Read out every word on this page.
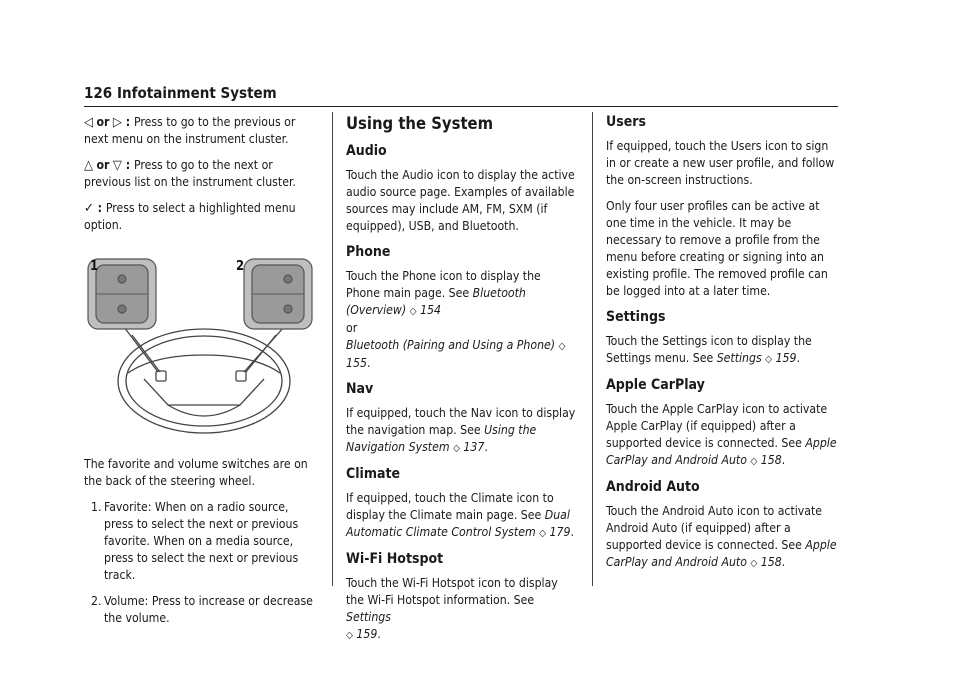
126 Infotainment System

◁ or ▷ : Press to go to the previous or next menu on the instrument cluster.

△ or ▽ : Press to go to the next or previous list on the instrument cluster.

✓ : Press to select a highlighted menu option.

1	2

The favorite and volume switches are on the back of the steering wheel.

1. Favorite: When on a radio source, press to select the next or previous favorite. When on a media source, press to select the next or previous track.
2. Volume: Press to increase or decrease the volume.
Using the System
Audio

Touch the Audio icon to display the active audio source page. Examples of available sources may include AM, FM, SXM (if equipped), USB, and Bluetooth.

Phone

Touch the Phone icon to display the Phone main page. See Bluetooth (Overview) ◇ 154
or
Bluetooth (Pairing and Using a Phone) ◇ 155.

Nav

If equipped, touch the Nav icon to display the navigation map. See Using the Navigation System ◇ 137.

Climate

If equipped, touch the Climate icon to display the Climate main page. See Dual Automatic Climate Control System ◇ 179.

Wi-Fi Hotspot

Touch the Wi-Fi Hotspot icon to display the Wi-Fi Hotspot information. See Settings
◇ 159.

Users

If equipped, touch the Users icon to sign in or create a new user profile, and follow the on-screen instructions.

Only four user profiles can be active at one time in the vehicle. It may be necessary to remove a profile from the menu before creating or signing into an existing profile. The removed profile can be logged into at a later time.

Settings

Touch the Settings icon to display the Settings menu. See Settings ◇ 159.

Apple CarPlay

Touch the Apple CarPlay icon to activate Apple CarPlay (if equipped) after a supported device is connected. See Apple CarPlay and Android Auto ◇ 158.

Android Auto

Touch the Android Auto icon to activate Android Auto (if equipped) after a supported device is connected. See Apple CarPlay and Android Auto ◇ 158.
